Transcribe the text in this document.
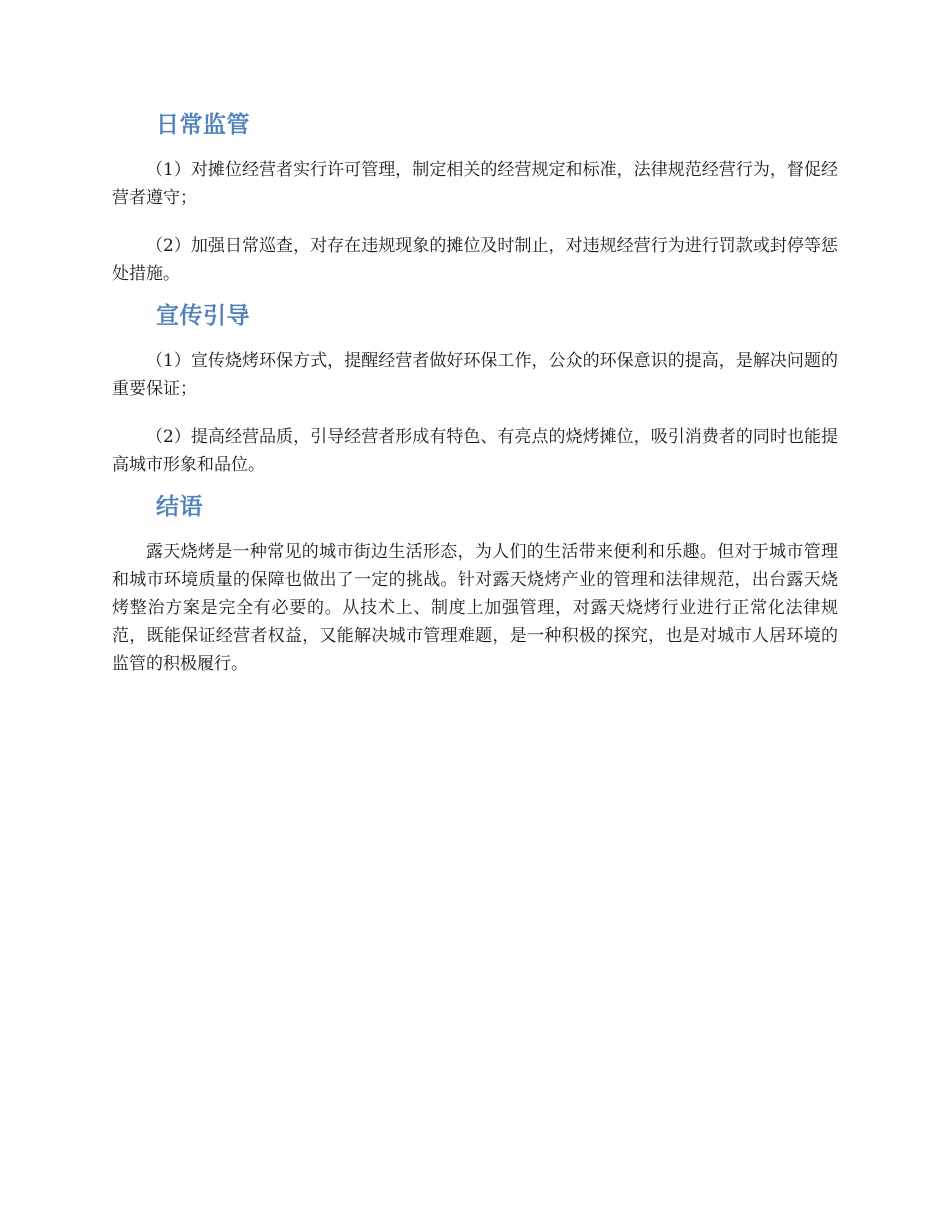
日常监管

（1）对摊位经营者实行许可管理，制定相关的经营规定和标准，法律规范经营行为，督促经营者遵守；

（2）加强日常巡查，对存在违规现象的摊位及时制止，对违规经营行为进行罚款或封停等惩处措施。

宣传引导

（1）宣传烧烤环保方式，提醒经营者做好环保工作，公众的环保意识的提高，是解决问题的重要保证；

（2）提高经营品质，引导经营者形成有特色、有亮点的烧烤摊位，吸引消费者的同时也能提高城市形象和品位。

结语

露天烧烤是一种常见的城市街边生活形态，为人们的生活带来便利和乐趣。但对于城市管理和城市环境质量的保障也做出了一定的挑战。针对露天烧烤产业的管理和法律规范，出台露天烧烤整治方案是完全有必要的。从技术上、制度上加强管理，对露天烧烤行业进行正常化法律规范，既能保证经营者权益，又能解决城市管理难题，是一种积极的探究，也是对城市人居环境的监管的积极履行。
